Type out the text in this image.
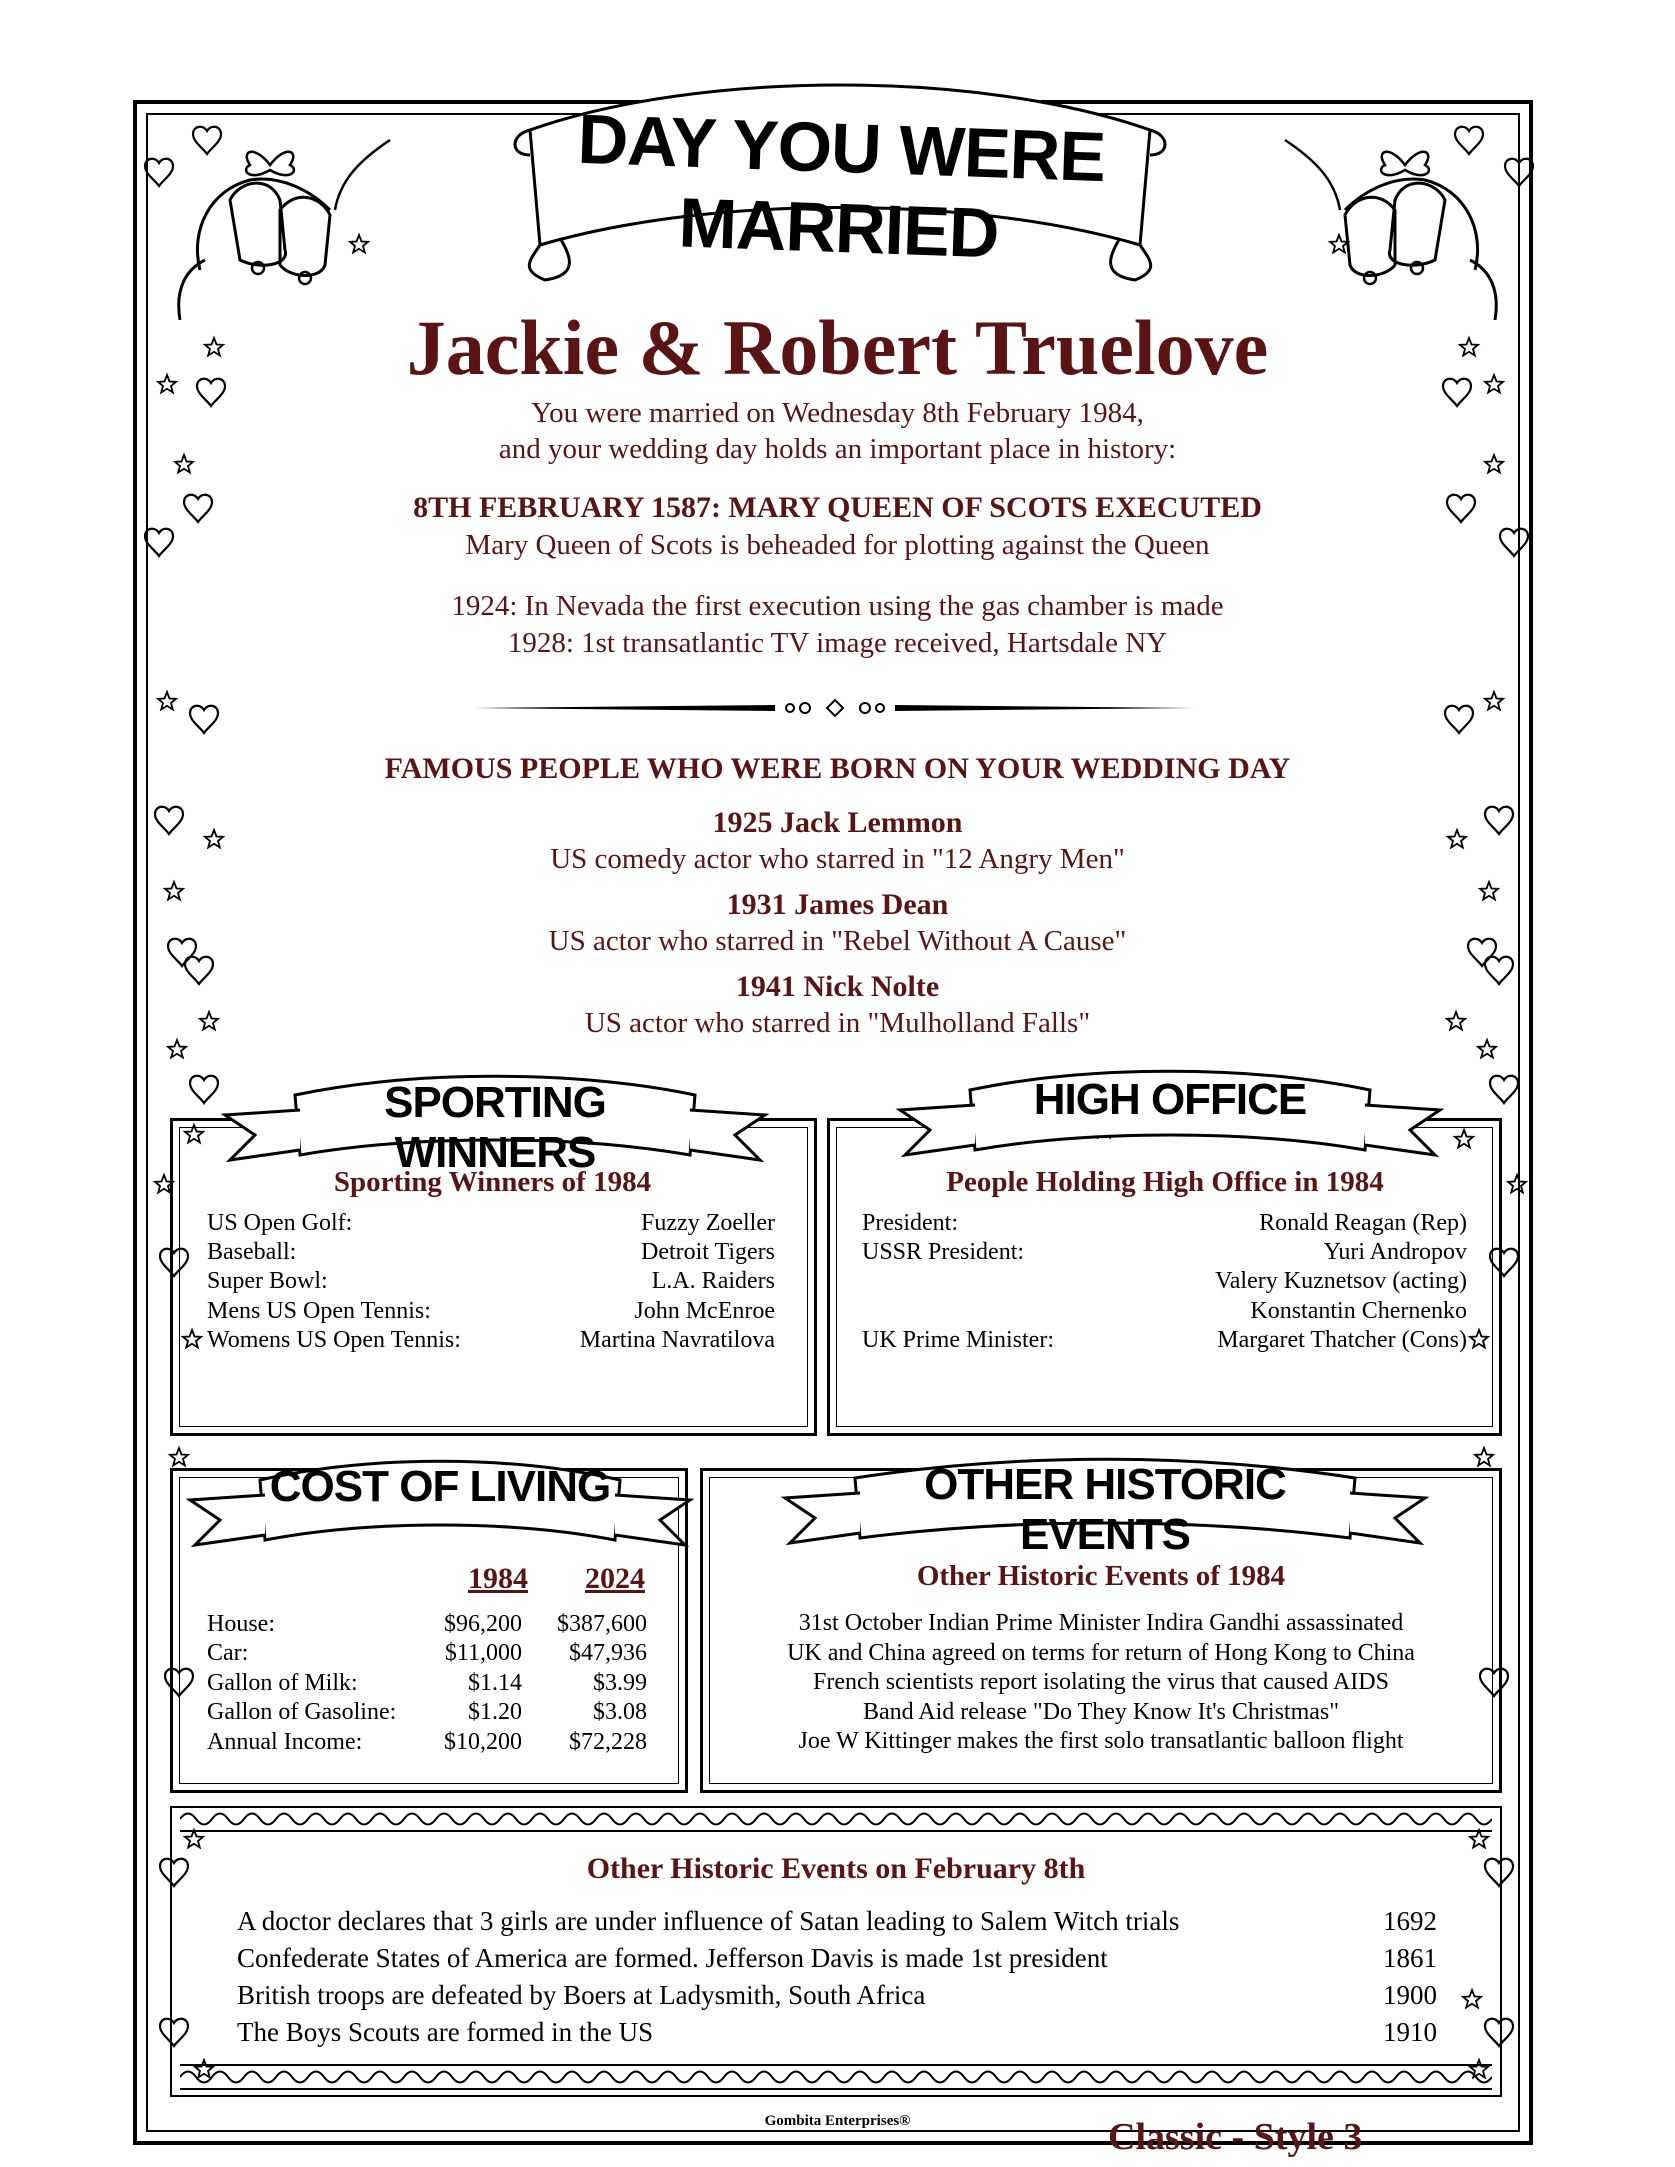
DAY YOU WERE MARRIED
Jackie & Robert Truelove
You were married on Wednesday 8th February 1984,
and your wedding day holds an important place in history:
8TH FEBRUARY 1587: MARY QUEEN OF SCOTS EXECUTED
Mary Queen of Scots is beheaded for plotting against the Queen
1924: In Nevada the first execution using the gas chamber is made
1928: 1st transatlantic TV image received, Hartsdale NY
FAMOUS PEOPLE WHO WERE BORN ON YOUR WEDDING DAY
1925 Jack Lemmon
US comedy actor who starred in "12 Angry Men"
1931 James Dean
US actor who starred in "Rebel Without A Cause"
1941 Nick Nolte
US actor who starred in "Mulholland Falls"
SPORTING WINNERS
Sporting Winners of 1984
US Open Golf:	Fuzzy Zoeller
Baseball:	Detroit Tigers
Super Bowl:	L.A. Raiders
Mens US Open Tennis:	John McEnroe
Womens US Open Tennis:	Martina Navratilova
HIGH OFFICE
People Holding High Office in 1984
President:	Ronald Reagan (Rep)
USSR President:	Yuri Andropov
Valery Kuznetsov (acting)
Konstantin Chernenko
UK Prime Minister:	Margaret Thatcher (Cons)
COST OF LIVING
1984	2024
House:	$96,200 $387,600
Car:	$11,000 $47,936
Gallon of Milk:	$1.14	$3.99
Gallon of Gasoline:	$1.20	$3.08
Annual Income:	$10,200 $72,228
OTHER HISTORIC EVENTS
Other Historic Events of 1984
31st October Indian Prime Minister Indira Gandhi assassinated
UK and China agreed on terms for return of Hong Kong to China
French scientists report isolating the virus that caused AIDS
Band Aid release "Do They Know It's Christmas"
Joe W Kittinger makes the first solo transatlantic balloon flight
Other Historic Events on February 8th
A doctor declares that 3 girls are under influence of Satan leading to Salem Witch trials	1692
Confederate States of America are formed. Jefferson Davis is made 1st president	1861
British troops are defeated by Boers at Ladysmith, South Africa	1900
The Boys Scouts are formed in the US	1910
Gombita Enterprises®	Classic - Style 3
